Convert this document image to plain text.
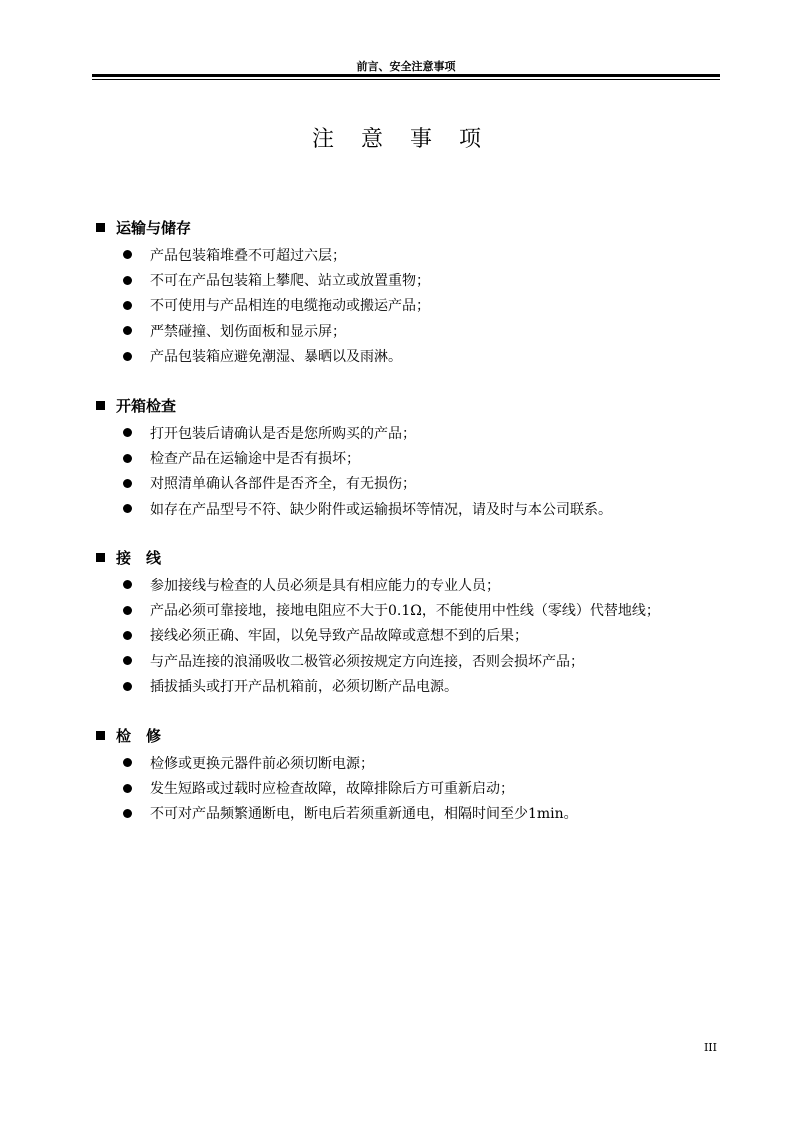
前言、安全注意事项
注 意 事 项
运输与储存
产品包装箱堆叠不可超过六层；
不可在产品包装箱上攀爬、站立或放置重物；
不可使用与产品相连的电缆拖动或搬运产品；
严禁碰撞、划伤面板和显示屏；
产品包装箱应避免潮湿、暴晒以及雨淋。
开箱检查
打开包装后请确认是否是您所购买的产品；
检查产品在运输途中是否有损坏；
对照清单确认各部件是否齐全，有无损伤；
如存在产品型号不符、缺少附件或运输损坏等情况，请及时与本公司联系。
接　线
参加接线与检查的人员必须是具有相应能力的专业人员；
产品必须可靠接地，接地电阻应不大于0.1Ω，不能使用中性线（零线）代替地线；
接线必须正确、牢固，以免导致产品故障或意想不到的后果；
与产品连接的浪涌吸收二极管必须按规定方向连接，否则会损坏产品；
插拔插头或打开产品机箱前，必须切断产品电源。
检　修
检修或更换元器件前必须切断电源；
发生短路或过载时应检查故障，故障排除后方可重新启动；
不可对产品频繁通断电，断电后若须重新通电，相隔时间至少1min。
III
